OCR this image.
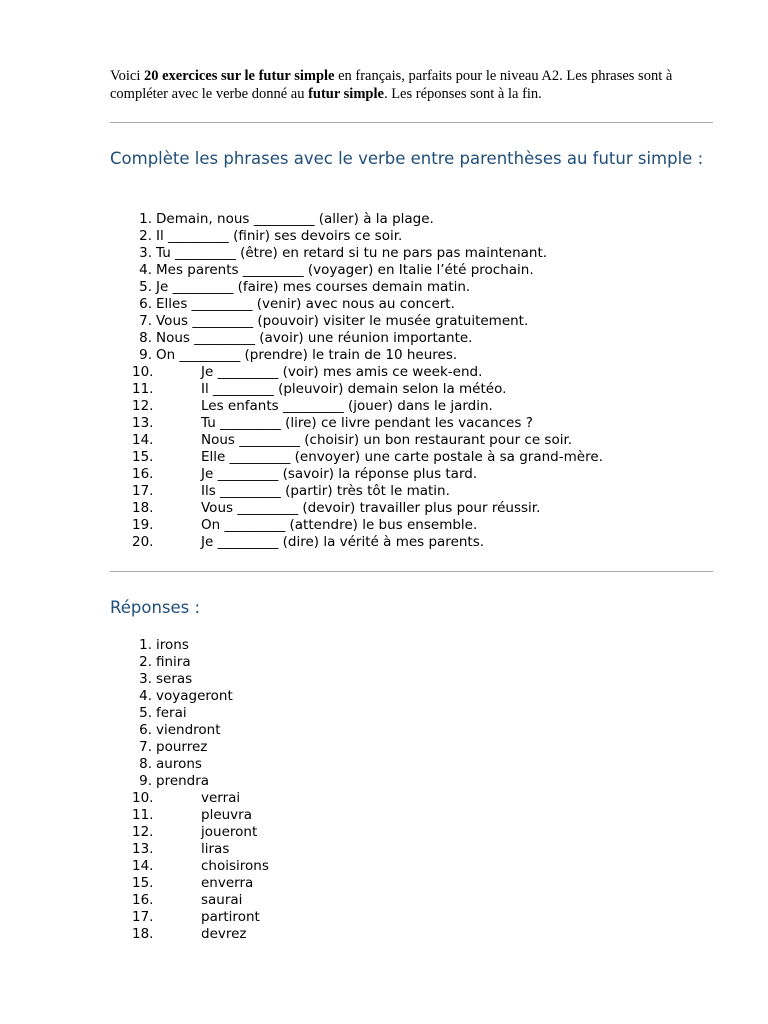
Voici 20 exercices sur le futur simple en français, parfaits pour le niveau A2. Les phrases sont à compléter avec le verbe donné au futur simple. Les réponses sont à la fin.

Complète les phrases avec le verbe entre parenthèses au futur simple :
1. Demain, nous _________ (aller) à la plage.
2. Il _________ (finir) ses devoirs ce soir.
3. Tu _________ (être) en retard si tu ne pars pas maintenant.
4. Mes parents _________ (voyager) en Italie l’été prochain.
5. Je _________ (faire) mes courses demain matin.
6. Elles _________ (venir) avec nous au concert.
7. Vous _________ (pouvoir) visiter le musée gratuitement.
8. Nous _________ (avoir) une réunion importante.
9. On _________ (prendre) le train de 10 heures.
10.	Je _________ (voir) mes amis ce week-end.
11.	Il _________ (pleuvoir) demain selon la météo.
12.	Les enfants _________ (jouer) dans le jardin.
13.	Tu _________ (lire) ce livre pendant les vacances ?
14.	Nous _________ (choisir) un bon restaurant pour ce soir.
15.	Elle _________ (envoyer) une carte postale à sa grand-mère.
16.	Je _________ (savoir) la réponse plus tard.
17.	Ils _________ (partir) très tôt le matin.
18.	Vous _________ (devoir) travailler plus pour réussir.
19.	On _________ (attendre) le bus ensemble.
20.	Je _________ (dire) la vérité à mes parents.
Réponses :
1. irons
2. finira
3. seras
4. voyageront
5. ferai
6. viendront
7. pourrez
8. aurons
9. prendra
10.	verrai
11.	pleuvra
12.	joueront
13.	liras
14.	choisirons
15.	enverra
16.	saurai
17.	partiront
18.	devrez
